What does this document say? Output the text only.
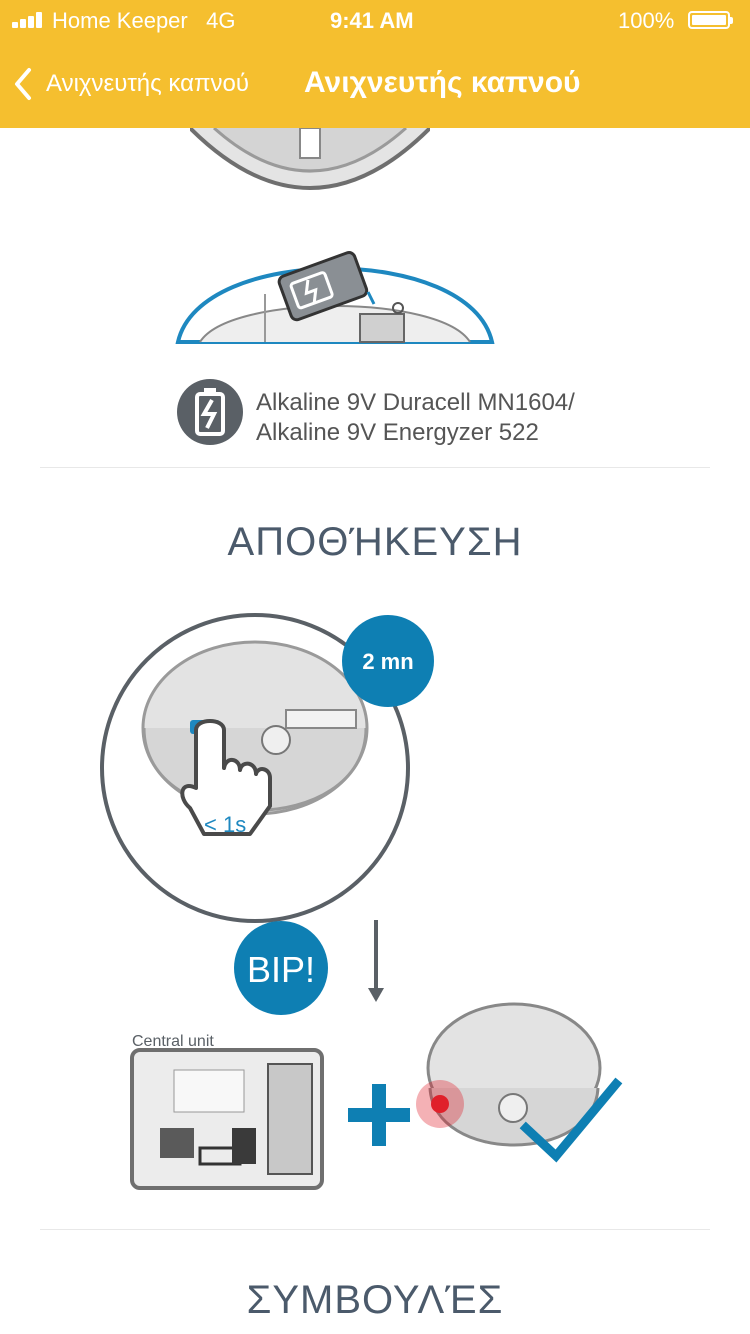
Home Keeper 4G	9:41 AM	100%
Ανιχνευτής καπνού Ανιχνευτής καπνού
Alkaline 9V Duracell MN1604/
Alkaline 9V Energyzer 522
ΑΠΟΘΉΚΕΥΣΗ
< 1s
2 mn
Central unit
BIP!
ΣΥΜΒΟΥΛΈΣ
